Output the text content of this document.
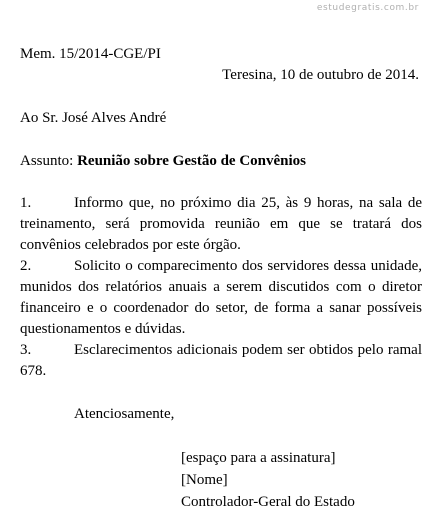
estudegratis.com.br
Mem. 15/2014-CGE/PI
Teresina, 10 de outubro de 2014.
Ao Sr. José Alves André
Assunto: Reunião sobre Gestão de Convênios
1.	Informo que, no próximo dia 25, às 9 horas, na sala de treinamento, será promovida reunião em que se tratará dos convênios celebrados por este órgão.
2.	Solicito o comparecimento dos servidores dessa unidade, munidos dos relatórios anuais a serem discutidos com o diretor financeiro e o coordenador do setor, de forma a sanar possíveis questionamentos e dúvidas.
3.	Esclarecimentos adicionais podem ser obtidos pelo ramal 678.
Atenciosamente,
[espaço para a assinatura]
[Nome]
Controlador-Geral do Estado
